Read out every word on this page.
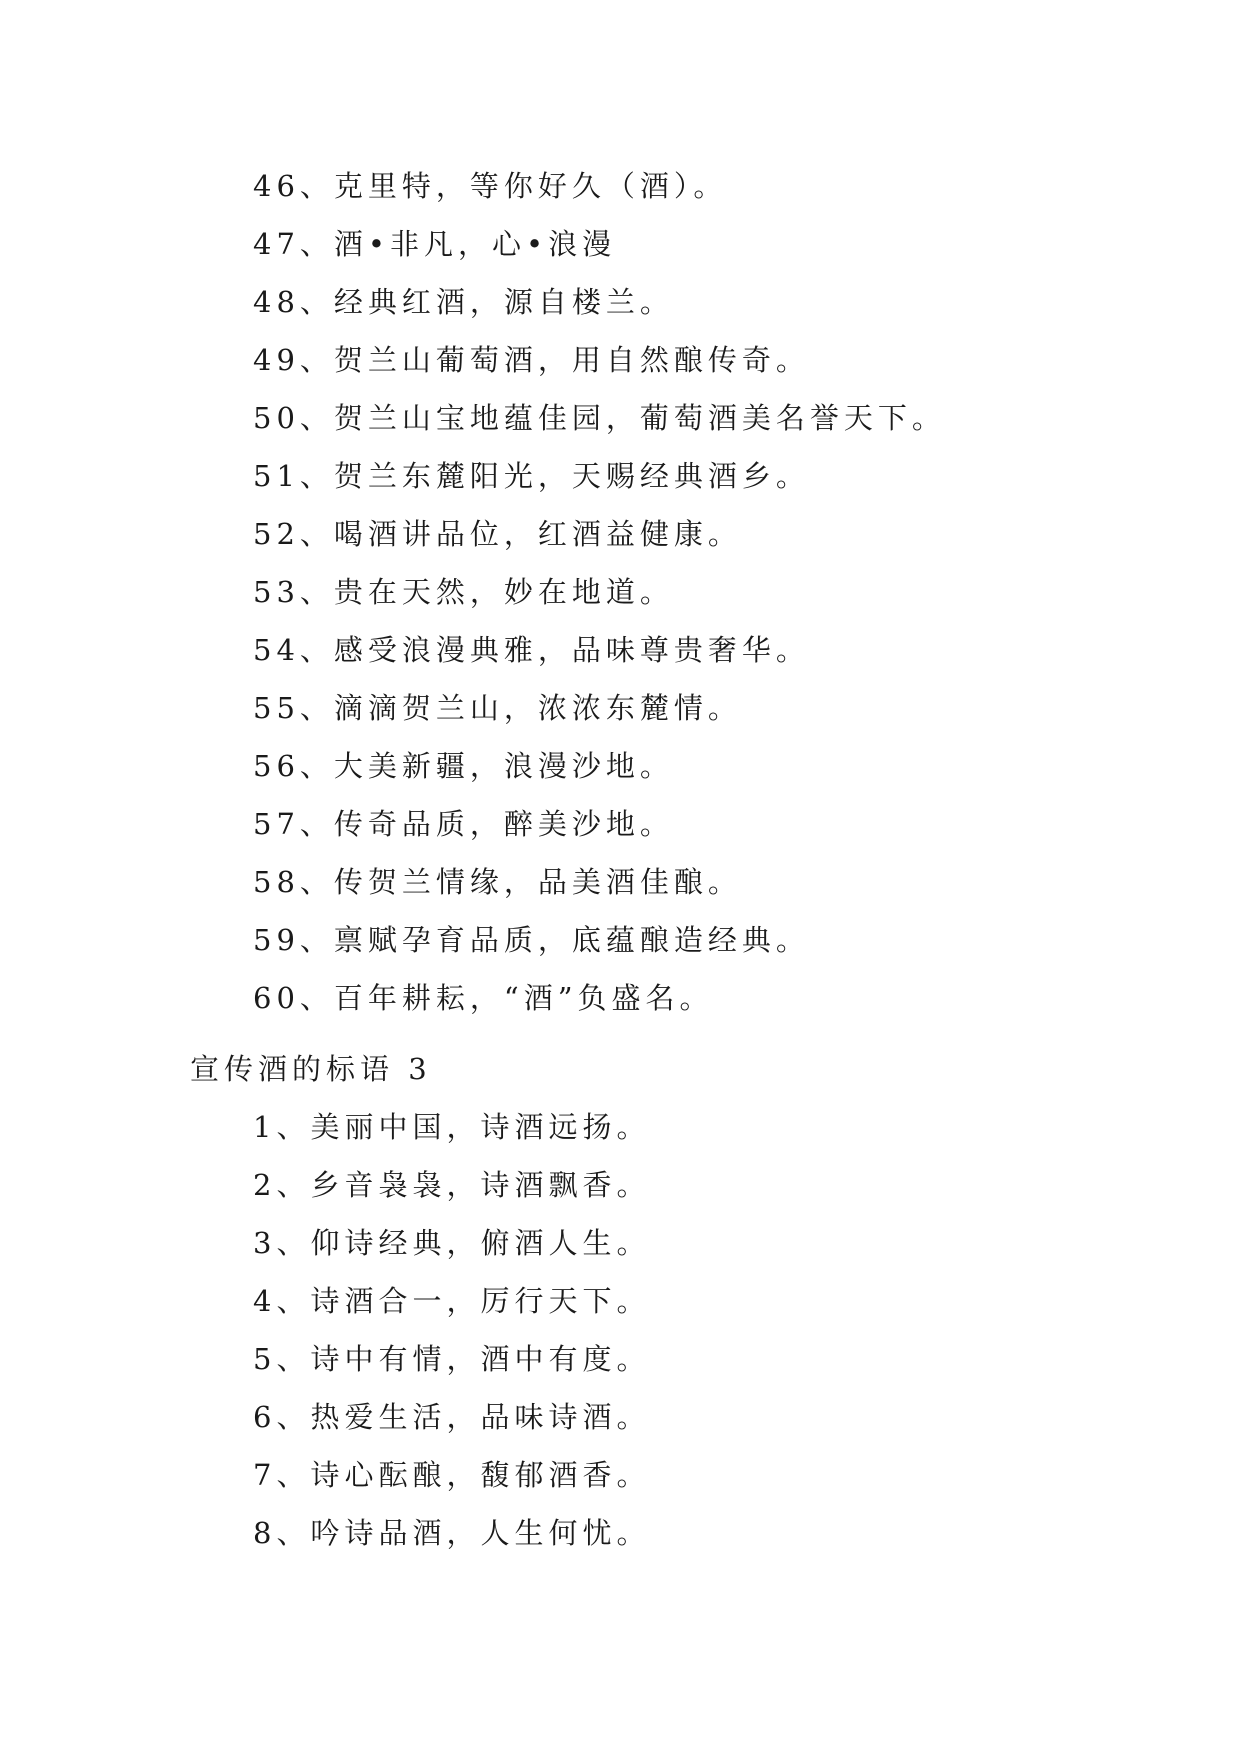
46、克里特，等你好久（酒）。
47、酒•非凡，心•浪漫
48、经典红酒，源自楼兰。
49、贺兰山葡萄酒，用自然酿传奇。
50、贺兰山宝地蕴佳园，葡萄酒美名誉天下。
51、贺兰东麓阳光，天赐经典酒乡。
52、喝酒讲品位，红酒益健康。
53、贵在天然，妙在地道。
54、感受浪漫典雅，品味尊贵奢华。
55、滴滴贺兰山，浓浓东麓情。
56、大美新疆，浪漫沙地。
57、传奇品质，醉美沙地。
58、传贺兰情缘，品美酒佳酿。
59、禀赋孕育品质，底蕴酿造经典。
60、百年耕耘，“酒”负盛名。
宣传酒的标语 3
1、美丽中国，诗酒远扬。
2、乡音袅袅，诗酒飘香。
3、仰诗经典，俯酒人生。
4、诗酒合一，厉行天下。
5、诗中有情，酒中有度。
6、热爱生活，品味诗酒。
7、诗心酝酿，馥郁酒香。
8、吟诗品酒，人生何忧。
